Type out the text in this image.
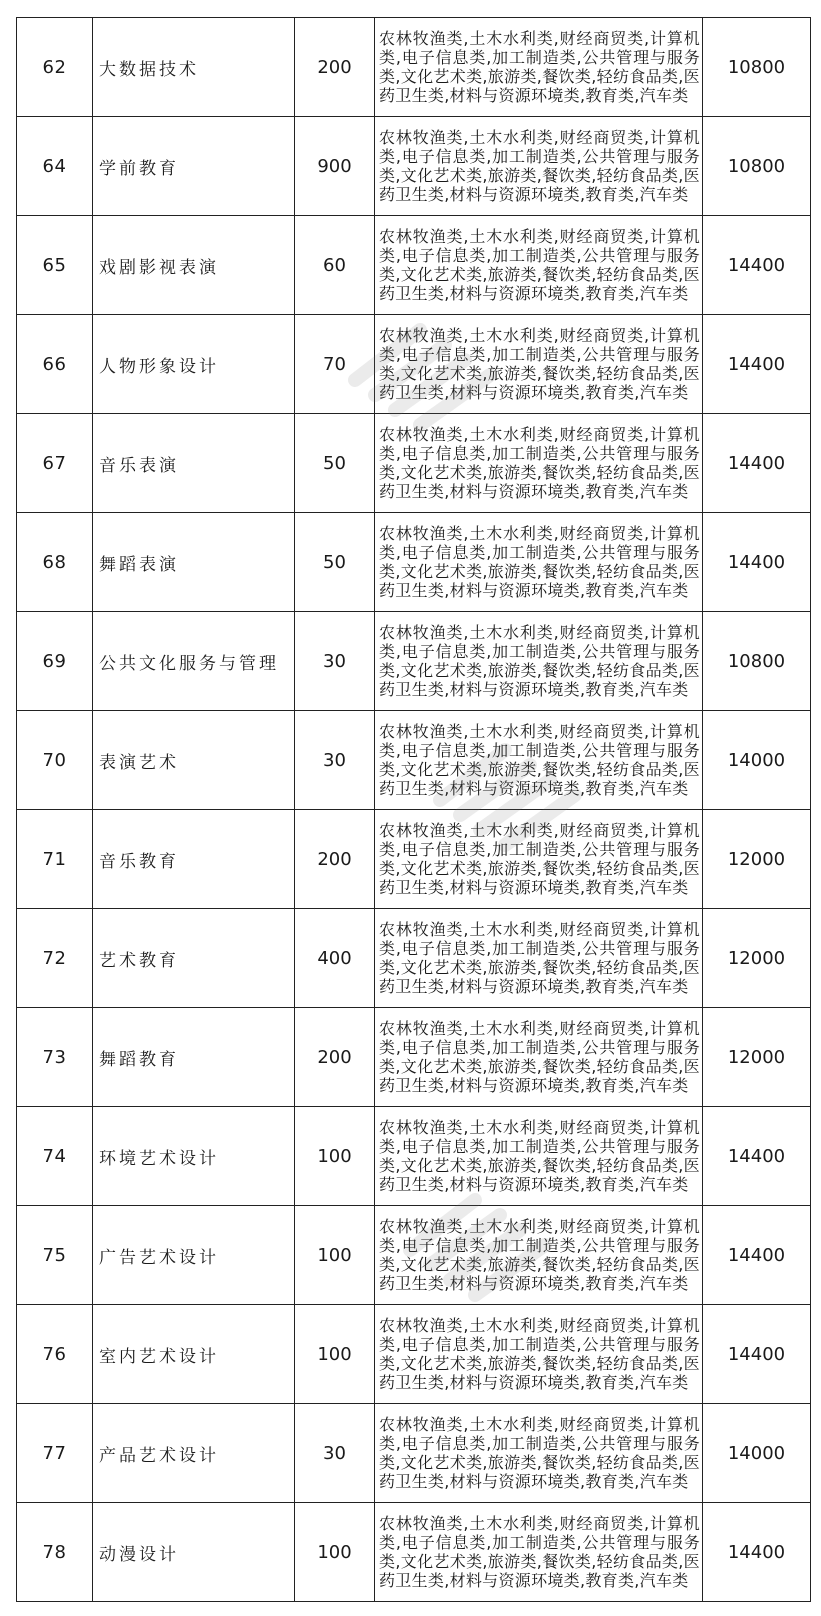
62	大数据技术	200	农林牧渔类,土木水利类,财经商贸类,计算机类,电子信息类,加工制造类,公共管理与服务类,文化艺术类,旅游类,餐饮类,轻纺食品类,医药卫生类,材料与资源环境类,教育类,汽车类	10800
64	学前教育	900	农林牧渔类,土木水利类,财经商贸类,计算机类,电子信息类,加工制造类,公共管理与服务类,文化艺术类,旅游类,餐饮类,轻纺食品类,医药卫生类,材料与资源环境类,教育类,汽车类	10800
65	戏剧影视表演	60	农林牧渔类,土木水利类,财经商贸类,计算机类,电子信息类,加工制造类,公共管理与服务类,文化艺术类,旅游类,餐饮类,轻纺食品类,医药卫生类,材料与资源环境类,教育类,汽车类	14400
66	人物形象设计	70	农林牧渔类,土木水利类,财经商贸类,计算机类,电子信息类,加工制造类,公共管理与服务类,文化艺术类,旅游类,餐饮类,轻纺食品类,医药卫生类,材料与资源环境类,教育类,汽车类	14400
67	音乐表演	50	农林牧渔类,土木水利类,财经商贸类,计算机类,电子信息类,加工制造类,公共管理与服务类,文化艺术类,旅游类,餐饮类,轻纺食品类,医药卫生类,材料与资源环境类,教育类,汽车类	14400
68	舞蹈表演	50	农林牧渔类,土木水利类,财经商贸类,计算机类,电子信息类,加工制造类,公共管理与服务类,文化艺术类,旅游类,餐饮类,轻纺食品类,医药卫生类,材料与资源环境类,教育类,汽车类	14400
69	公共文化服务与管理	30	农林牧渔类,土木水利类,财经商贸类,计算机类,电子信息类,加工制造类,公共管理与服务类,文化艺术类,旅游类,餐饮类,轻纺食品类,医药卫生类,材料与资源环境类,教育类,汽车类	10800
70	表演艺术	30	农林牧渔类,土木水利类,财经商贸类,计算机类,电子信息类,加工制造类,公共管理与服务类,文化艺术类,旅游类,餐饮类,轻纺食品类,医药卫生类,材料与资源环境类,教育类,汽车类	14000
71	音乐教育	200	农林牧渔类,土木水利类,财经商贸类,计算机类,电子信息类,加工制造类,公共管理与服务类,文化艺术类,旅游类,餐饮类,轻纺食品类,医药卫生类,材料与资源环境类,教育类,汽车类	12000
72	艺术教育	400	农林牧渔类,土木水利类,财经商贸类,计算机类,电子信息类,加工制造类,公共管理与服务类,文化艺术类,旅游类,餐饮类,轻纺食品类,医药卫生类,材料与资源环境类,教育类,汽车类	12000
73	舞蹈教育	200	农林牧渔类,土木水利类,财经商贸类,计算机类,电子信息类,加工制造类,公共管理与服务类,文化艺术类,旅游类,餐饮类,轻纺食品类,医药卫生类,材料与资源环境类,教育类,汽车类	12000
74	环境艺术设计	100	农林牧渔类,土木水利类,财经商贸类,计算机类,电子信息类,加工制造类,公共管理与服务类,文化艺术类,旅游类,餐饮类,轻纺食品类,医药卫生类,材料与资源环境类,教育类,汽车类	14400
75	广告艺术设计	100	农林牧渔类,土木水利类,财经商贸类,计算机类,电子信息类,加工制造类,公共管理与服务类,文化艺术类,旅游类,餐饮类,轻纺食品类,医药卫生类,材料与资源环境类,教育类,汽车类	14400
76	室内艺术设计	100	农林牧渔类,土木水利类,财经商贸类,计算机类,电子信息类,加工制造类,公共管理与服务类,文化艺术类,旅游类,餐饮类,轻纺食品类,医药卫生类,材料与资源环境类,教育类,汽车类	14400
77	产品艺术设计	30	农林牧渔类,土木水利类,财经商贸类,计算机类,电子信息类,加工制造类,公共管理与服务类,文化艺术类,旅游类,餐饮类,轻纺食品类,医药卫生类,材料与资源环境类,教育类,汽车类	14000
78	动漫设计	100	农林牧渔类,土木水利类,财经商贸类,计算机类,电子信息类,加工制造类,公共管理与服务类,文化艺术类,旅游类,餐饮类,轻纺食品类,医药卫生类,材料与资源环境类,教育类,汽车类	14400
